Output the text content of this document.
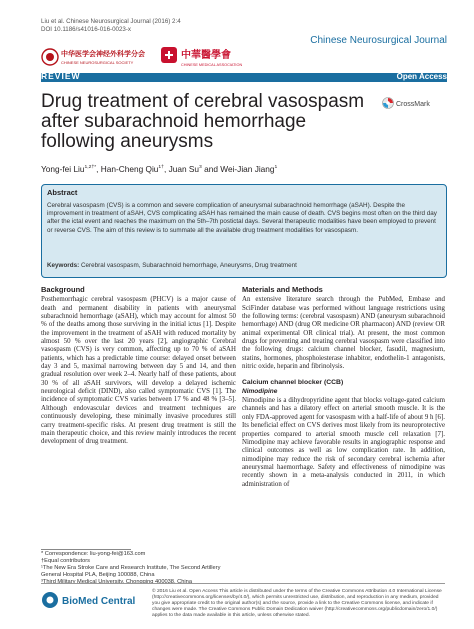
Liu et al. Chinese Neurosurgical Journal (2016) 2:4
DOI 10.1186/s41016-016-0023-x
Chinese Neurosurgical Journal
中华医学会神经外科学分会
CHINESE NEUROSURGICAL SOCIETY
中華醫學會
CHINESE MEDICAL ASSOCIATION
REVIEW	Open Access
Drug treatment of cerebral vasospasm after subarachnoid hemorrhage following aneurysms
CrossMark
Yong-fei Liu$^{1,2\dagger*}$, Han-Cheng Qiu$^{1\dagger}$, Juan Su$^3$ and Wei-Jian Jiang$^1$
Abstract
Cerebral vasospasm (CVS) is a common and severe complication of aneurysmal subarachnoid hemorrhage (aSAH). Despite the improvement in treatment of aSAH, CVS complicating aSAH has remained the main cause of death. CVS begins most often on the third day after the ictal event and reaches the maximum on the 5th–7th postictal days. Several therapeutic modalities have been employed to prevent or reverse CVS. The aim of this review is to summate all the available drug treatment modalities for vasospasm.
Keywords: Cerebral vasospasm, Subarachnoid hemorrhage, Aneurysms, Drug treatment
Background
Posthemorrhagic cerebral vasospasm (PHCV) is a major cause of death and permanent disability in patients with aneurysmal subarachnoid hemorrhage (aSAH), which may account for almost 50 % of the deaths among those surviving in the initial ictus [1]. Despite the improvement in the treatment of aSAH with reduced mortality by almost 50 % over the last 20 years [2], angiographic Cerebral vasospasm (CVS) is very common, affecting up to 70 % of aSAH patients, which has a predictable time course: delayed onset between day 3 and 5, maximal narrowing between day 5 and 14, and then gradual resolution over week 2–4. Nearly half of these patients, about 30 % of all aSAH survivors, will develop a delayed ischemic neurological deficit (DIND), also called symptomatic CVS [1]. The incidence of symptomatic CVS varies between 17 % and 48 % [3–5]. Although endovascular devices and treatment techniques are continuously developing, these minimally invasive procedures still carry treatment-specific risks. At present drug treatment is still the main therapeutic choice, and this review mainly introduces the recent development of drug treatment.
Materials and Methods
An extensive literature search through the PubMed, Embase and SciFinder database was performed without language restrictions using the following terms: (cerebral vasospasm) AND (aneurysm subarachnoid hemorrhage) AND (drug OR medicine OR pharmacon) AND (review OR animal experimental OR clinical trial). At present, the most common drugs for preventing and treating cerebral vasospasm were classified into the following drugs: calcium channel blocker, fasudil, magnesium, statins, hormones, phosphoiesterase inhabitor, endothelin-1 antagonists, nitric oxide, heparin and fibrinolysis.
Calcium channel blocker (CCB)
Nimodipine
Nimodipine is a dihydropyridine agent that blocks voltage-gated calcium channels and has a dilatory effect on arterial smooth muscle. It is the only FDA-approved agent for vasospasm with a half-life of about 9 h [6]. Its beneficial effect on CVS derives most likely from its neuroprotective properties compared to arterial smooth muscle cell relaxation [7]. Nimodipine may achieve favorable results in angiographic response and clinical outcomes as well as low complication rate. In addition, nimodipine may reduce the risk of secondary cerebral ischemia after aneurysmal haemorrhage. Safety and effectiveness of nimodipine was recently shown in a meta-analysis conducted in 2011, in which administration of
* Correspondence: liu-yong-fei@163.com
†Equal contributors
¹The New Era Stroke Care and Research Institute, The Second Artillery General Hospital PLA, Beijing 100088, China
³Third Military Medical University, Chongqing 400038, China
BioMed Central
© 2016 Liu et al. Open Access This article is distributed under the terms of the Creative Commons Attribution 4.0 International License (http://creativecommons.org/licenses/by/4.0/), which permits unrestricted use, distribution, and reproduction in any medium, provided you give appropriate credit to the original author(s) and the source, provide a link to the Creative Commons license, and indicate if changes were made. The Creative Commons Public Domain Dedication waiver (http://creativecommons.org/publicdomain/zero/1.0/) applies to the data made available in this article, unless otherwise stated.
